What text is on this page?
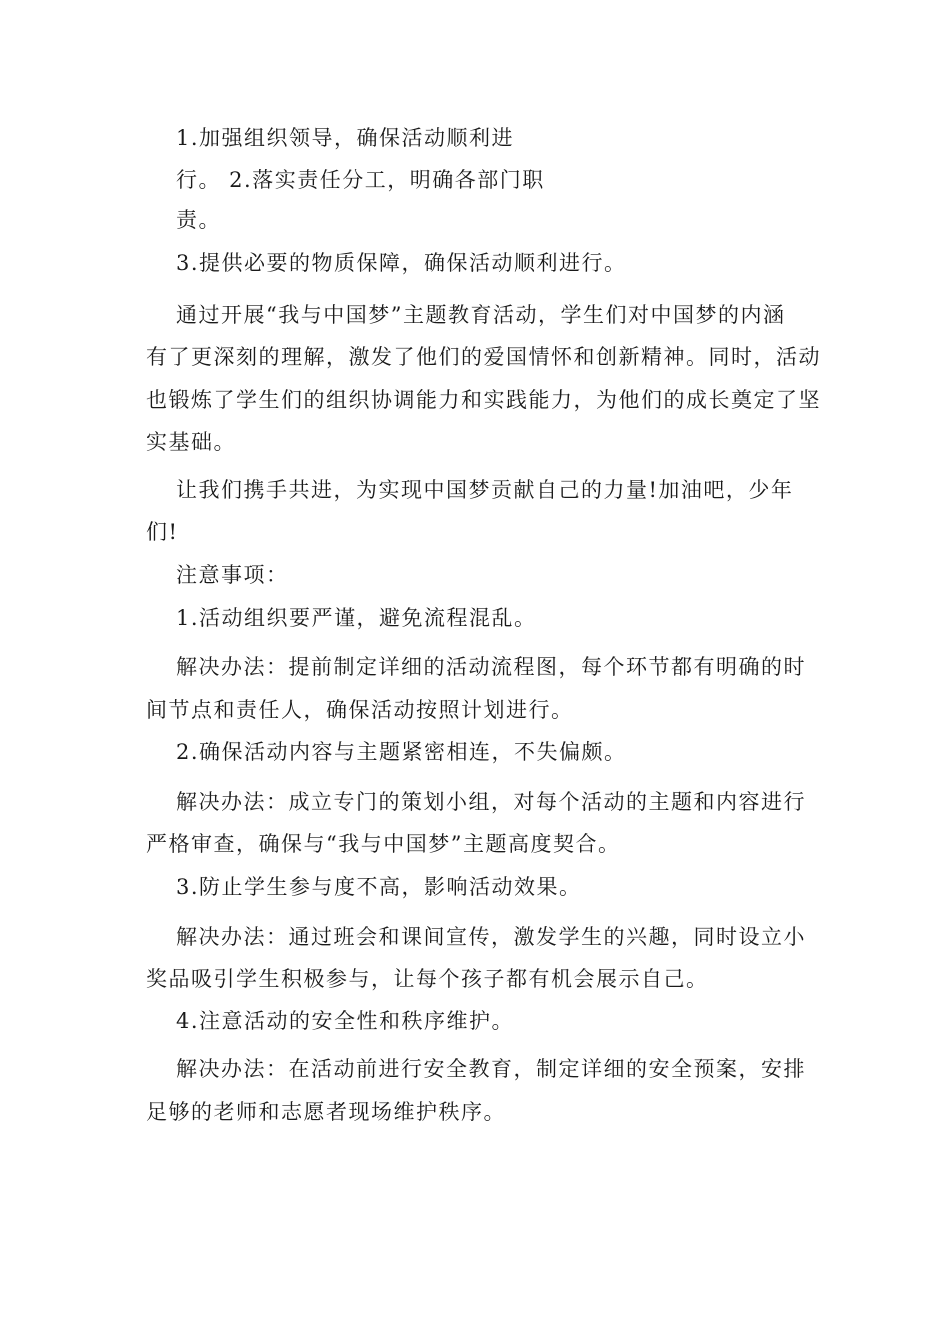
1.加强组织领导，确保活动顺利进
行。 2.落实责任分工，明确各部门职
责。
3.提供必要的物质保障，确保活动顺利进行。
通过开展“我与中国梦”主题教育活动，学生们对中国梦的内涵
有了更深刻的理解，激发了他们的爱国情怀和创新精神。同时，活动
也锻炼了学生们的组织协调能力和实践能力，为他们的成长奠定了坚
实基础。
让我们携手共进，为实现中国梦贡献自己的力量!加油吧，少年
们!
注意事项：
1.活动组织要严谨，避免流程混乱。
解决办法：提前制定详细的活动流程图，每个环节都有明确的时
间节点和责任人，确保活动按照计划进行。
2.确保活动内容与主题紧密相连，不失偏颇。
解决办法：成立专门的策划小组，对每个活动的主题和内容进行
严格审查，确保与“我与中国梦”主题高度契合。
3.防止学生参与度不高，影响活动效果。
解决办法：通过班会和课间宣传，激发学生的兴趣，同时设立小
奖品吸引学生积极参与，让每个孩子都有机会展示自己。
4.注意活动的安全性和秩序维护。
解决办法：在活动前进行安全教育，制定详细的安全预案，安排
足够的老师和志愿者现场维护秩序。
